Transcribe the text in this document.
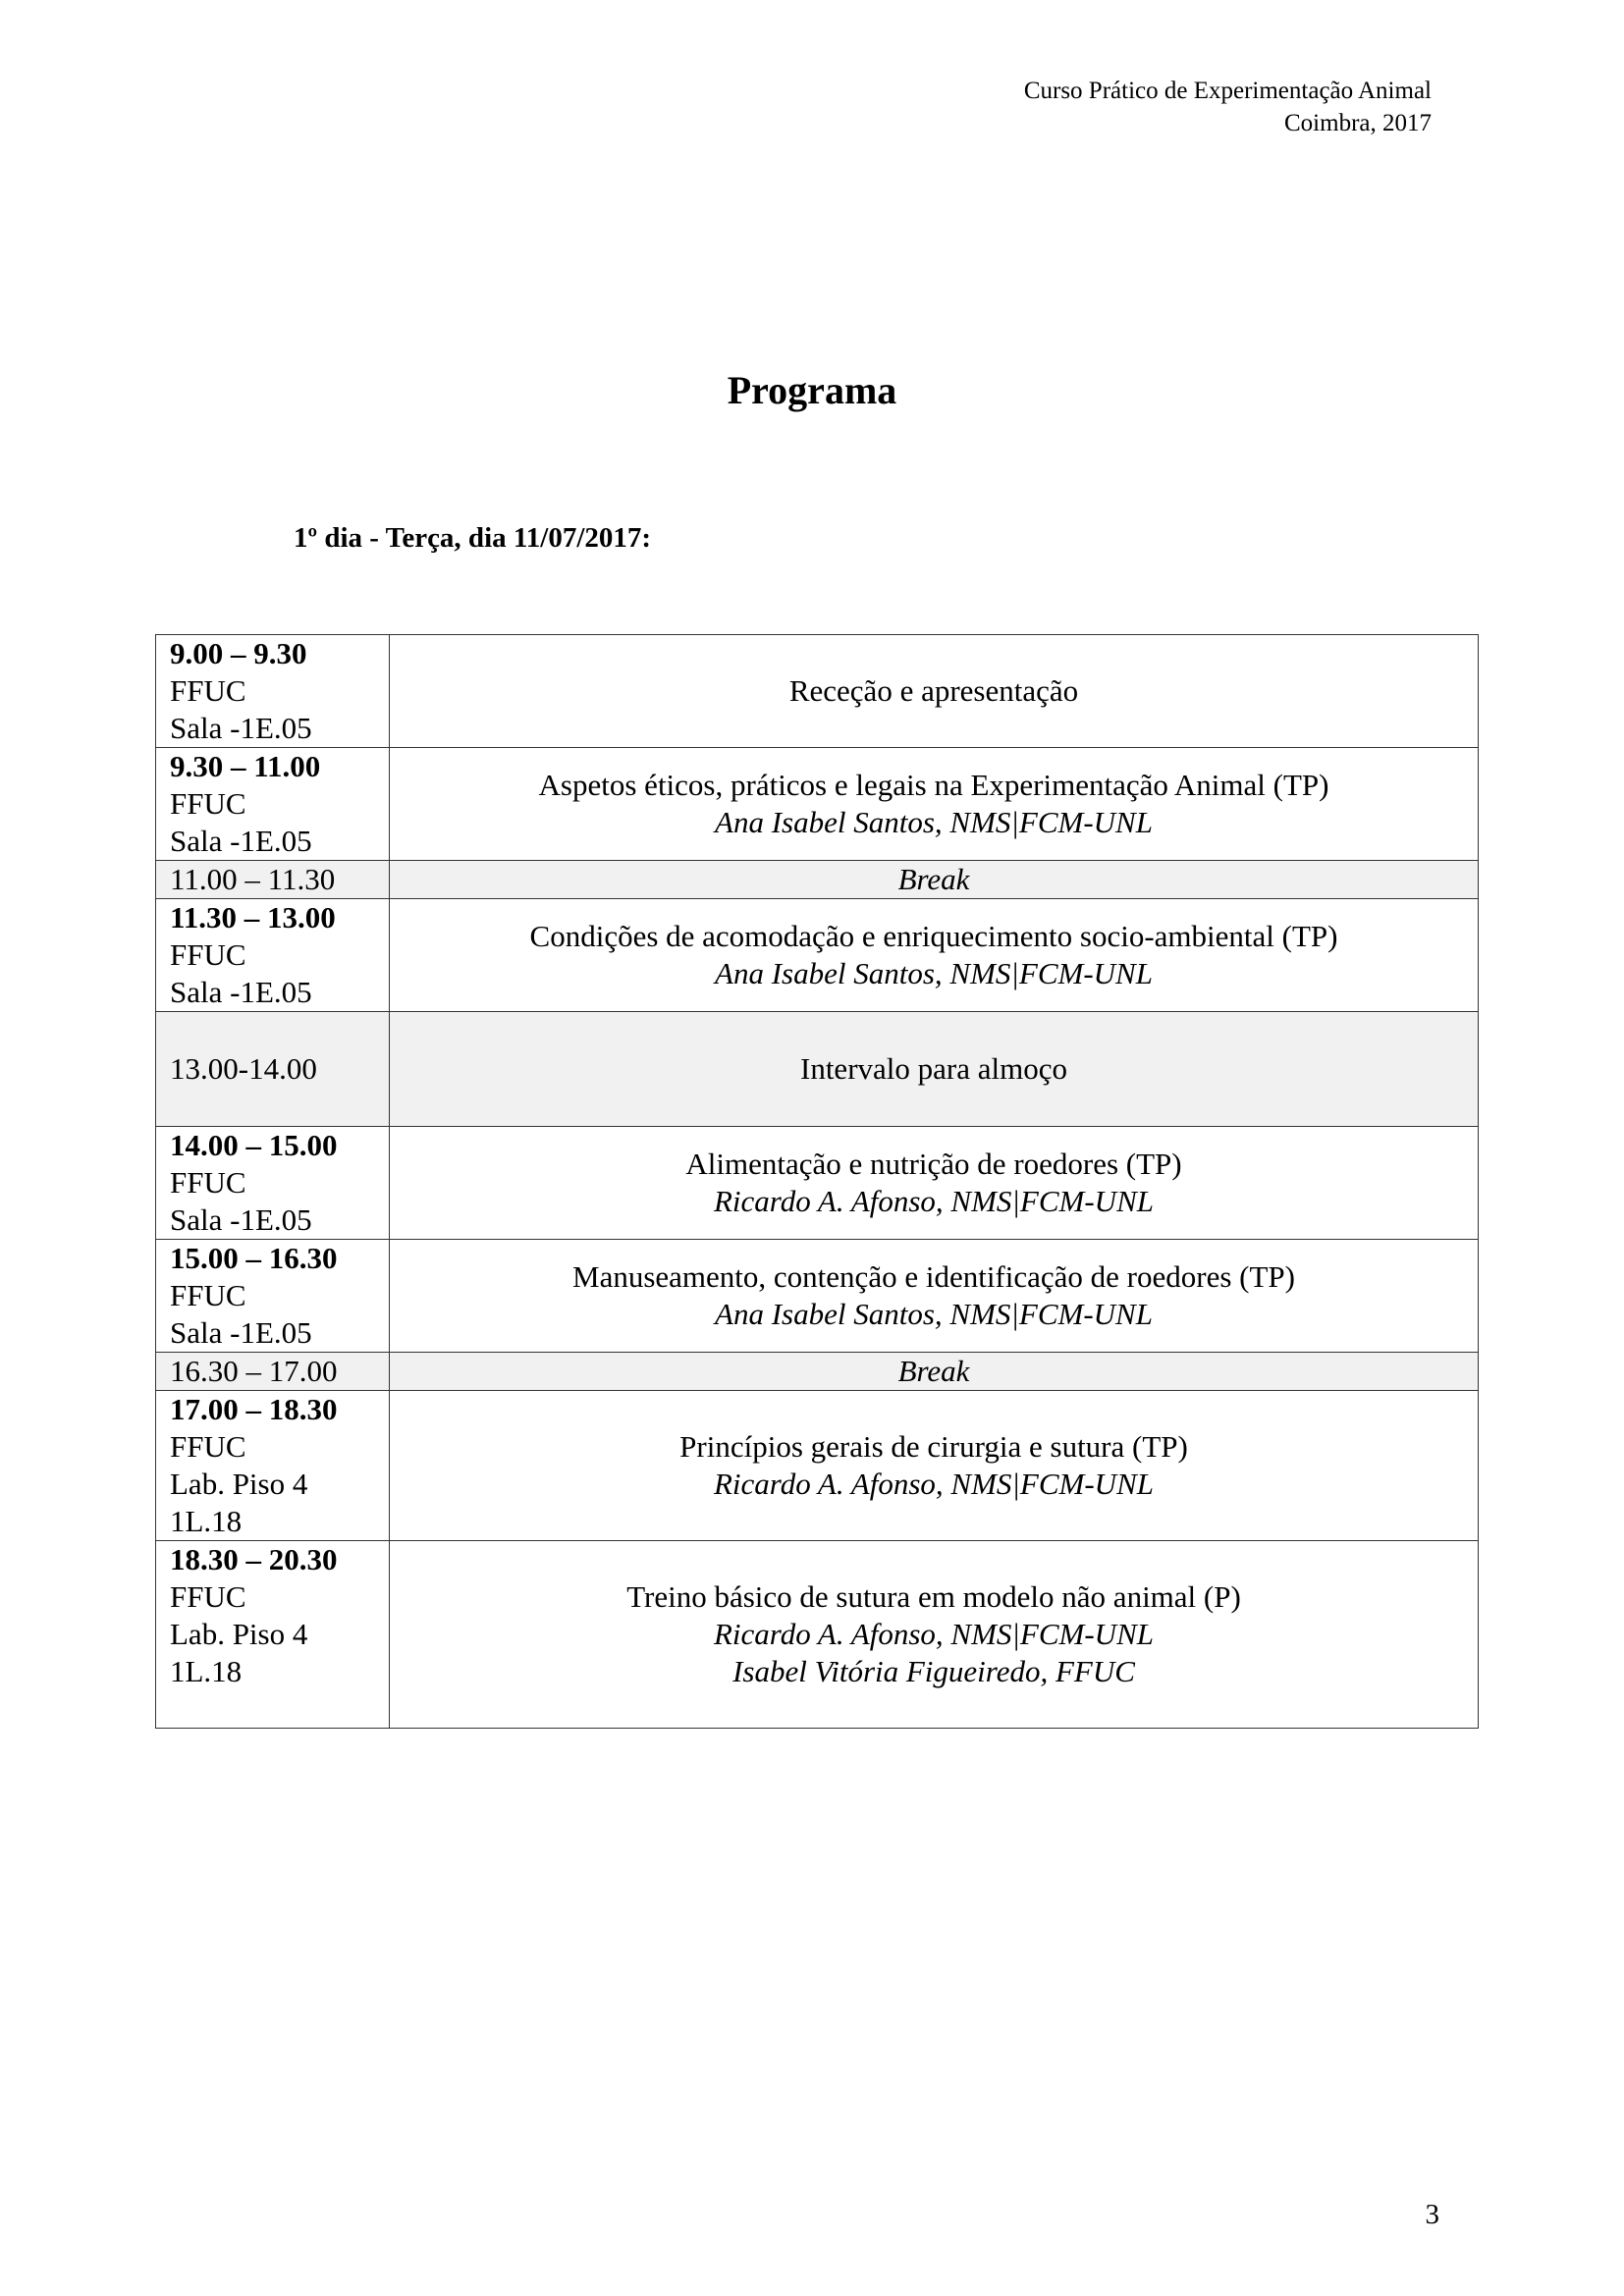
Curso Prático de Experimentação Animal
Coimbra, 2017
Programa
1º dia - Terça, dia 11/07/2017:
9.00 – 9.30
FFUC
Sala -1E.05	Receção e apresentação

9.30 – 11.00
FFUC
Sala -1E.05	Aspetos éticos, práticos e legais na Experimentação Animal (TP)
Ana Isabel Santos, NMS|FCM-UNL

11.00 – 11.30	Break

11.30 – 13.00
FFUC
Sala -1E.05	Condições de acomodação e enriquecimento socio-ambiental (TP)
Ana Isabel Santos, NMS|FCM-UNL

13.00-14.00	Intervalo para almoço

14.00 – 15.00
FFUC
Sala -1E.05	Alimentação e nutrição de roedores (TP)
Ricardo A. Afonso, NMS|FCM-UNL

15.00 – 16.30
FFUC
Sala -1E.05	Manuseamento, contenção e identificação de roedores (TP)
Ana Isabel Santos, NMS|FCM-UNL

16.30 – 17.00	Break

17.00 – 18.30
FFUC
Lab. Piso 4
1L.18	Princípios gerais de cirurgia e sutura (TP)
Ricardo A. Afonso, NMS|FCM-UNL

18.30 – 20.30
FFUC
Lab. Piso 4
1L.18	Treino básico de sutura em modelo não animal (P)
Ricardo A. Afonso, NMS|FCM-UNL
Isabel Vitória Figueiredo, FFUC
3
